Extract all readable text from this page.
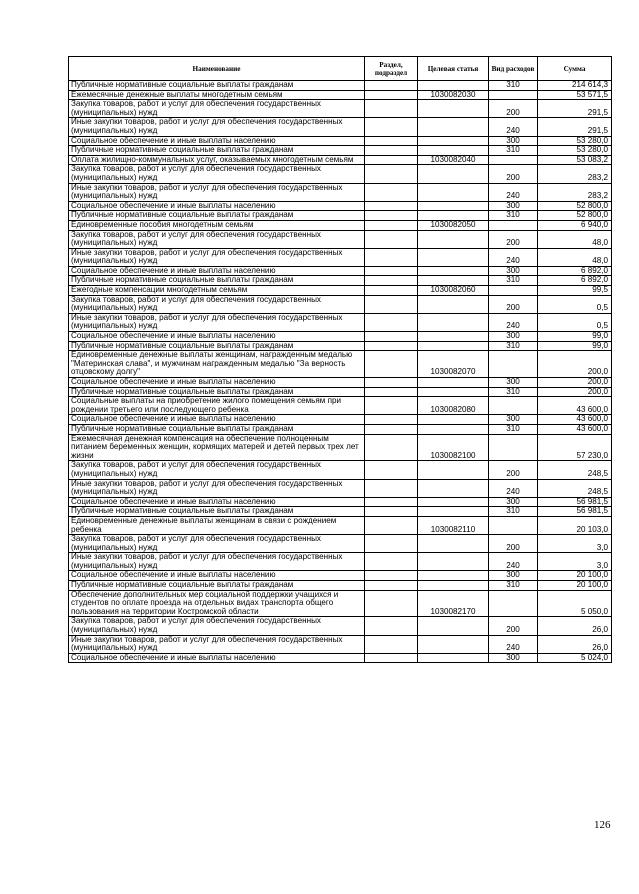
Наименование	Раздел, подраздел	Целевая статья	Вид расходов	Сумма
Публичные нормативные социальные выплаты гражданам			310	214 614,3
Ежемесячные денежные выплаты многодетным семьям		1030082030		53 571,5
Закупка товаров, работ и услуг для обеспечения государственных (муниципальных) нужд			200	291,5
Иные закупки товаров, работ и услуг для обеспечения государственных (муниципальных) нужд			240	291,5
Социальное обеспечение и иные выплаты населению			300	53 280,0
Публичные нормативные социальные выплаты гражданам			310	53 280,0
Оплата жилищно-коммунальных услуг, оказываемых многодетным семьям		1030082040		53 083,2
Закупка товаров, работ и услуг для обеспечения государственных (муниципальных) нужд			200	283,2
Иные закупки товаров, работ и услуг для обеспечения государственных (муниципальных) нужд			240	283,2
Социальное обеспечение и иные выплаты населению			300	52 800,0
Публичные нормативные социальные выплаты гражданам			310	52 800,0
Единовременные пособия многодетным семьям		1030082050		6 940,0
Закупка товаров, работ и услуг для обеспечения государственных (муниципальных) нужд			200	48,0
Иные закупки товаров, работ и услуг для обеспечения государственных (муниципальных) нужд			240	48,0
Социальное обеспечение и иные выплаты населению			300	6 892,0
Публичные нормативные социальные выплаты гражданам			310	6 892,0
Ежегодные компенсации многодетным семьям		1030082060		99,5
Закупка товаров, работ и услуг для обеспечения государственных (муниципальных) нужд			200	0,5
Иные закупки товаров, работ и услуг для обеспечения государственных (муниципальных) нужд			240	0,5
Социальное обеспечение и иные выплаты населению			300	99,0
Публичные нормативные социальные выплаты гражданам			310	99,0
Единовременные денежные выплаты женщинам, награжденным медалью "Материнская слава", и мужчинам награжденным медалью "За верность отцовскому долгу"		1030082070		200,0
Социальное обеспечение и иные выплаты населению			300	200,0
Публичные нормативные социальные выплаты гражданам			310	200,0
Социальные выплаты на приобретение жилого помещения семьям при рождении третьего или последующего ребенка		1030082080		43 600,0
Социальное обеспечение и иные выплаты населению			300	43 600,0
Публичные нормативные социальные выплаты гражданам			310	43 600,0
Ежемесячная денежная компенсация на обеспечение полноценным питанием беременных женщин, кормящих матерей и детей первых трех лет жизни		1030082100		57 230,0
Закупка товаров, работ и услуг для обеспечения государственных (муниципальных) нужд			200	248,5
Иные закупки товаров, работ и услуг для обеспечения государственных (муниципальных) нужд			240	248,5
Социальное обеспечение и иные выплаты населению			300	56 981,5
Публичные нормативные социальные выплаты гражданам			310	56 981,5
Единовременные денежные выплаты женщинам в связи с рождением ребенка		1030082110		20 103,0
Закупка товаров, работ и услуг для обеспечения государственных (муниципальных) нужд			200	3,0
Иные закупки товаров, работ и услуг для обеспечения государственных (муниципальных) нужд			240	3,0
Социальное обеспечение и иные выплаты населению			300	20 100,0
Публичные нормативные социальные выплаты гражданам			310	20 100,0
Обеспечение дополнительных мер социальной поддержки учащихся и студентов по оплате проезда на отдельных видах транспорта общего пользования на территории Костромской области		1030082170		5 050,0
Закупка товаров, работ и услуг для обеспечения государственных (муниципальных) нужд			200	26,0
Иные закупки товаров, работ и услуг для обеспечения государственных (муниципальных) нужд			240	26,0
Социальное обеспечение и иные выплаты населению			300	5 024,0
126
